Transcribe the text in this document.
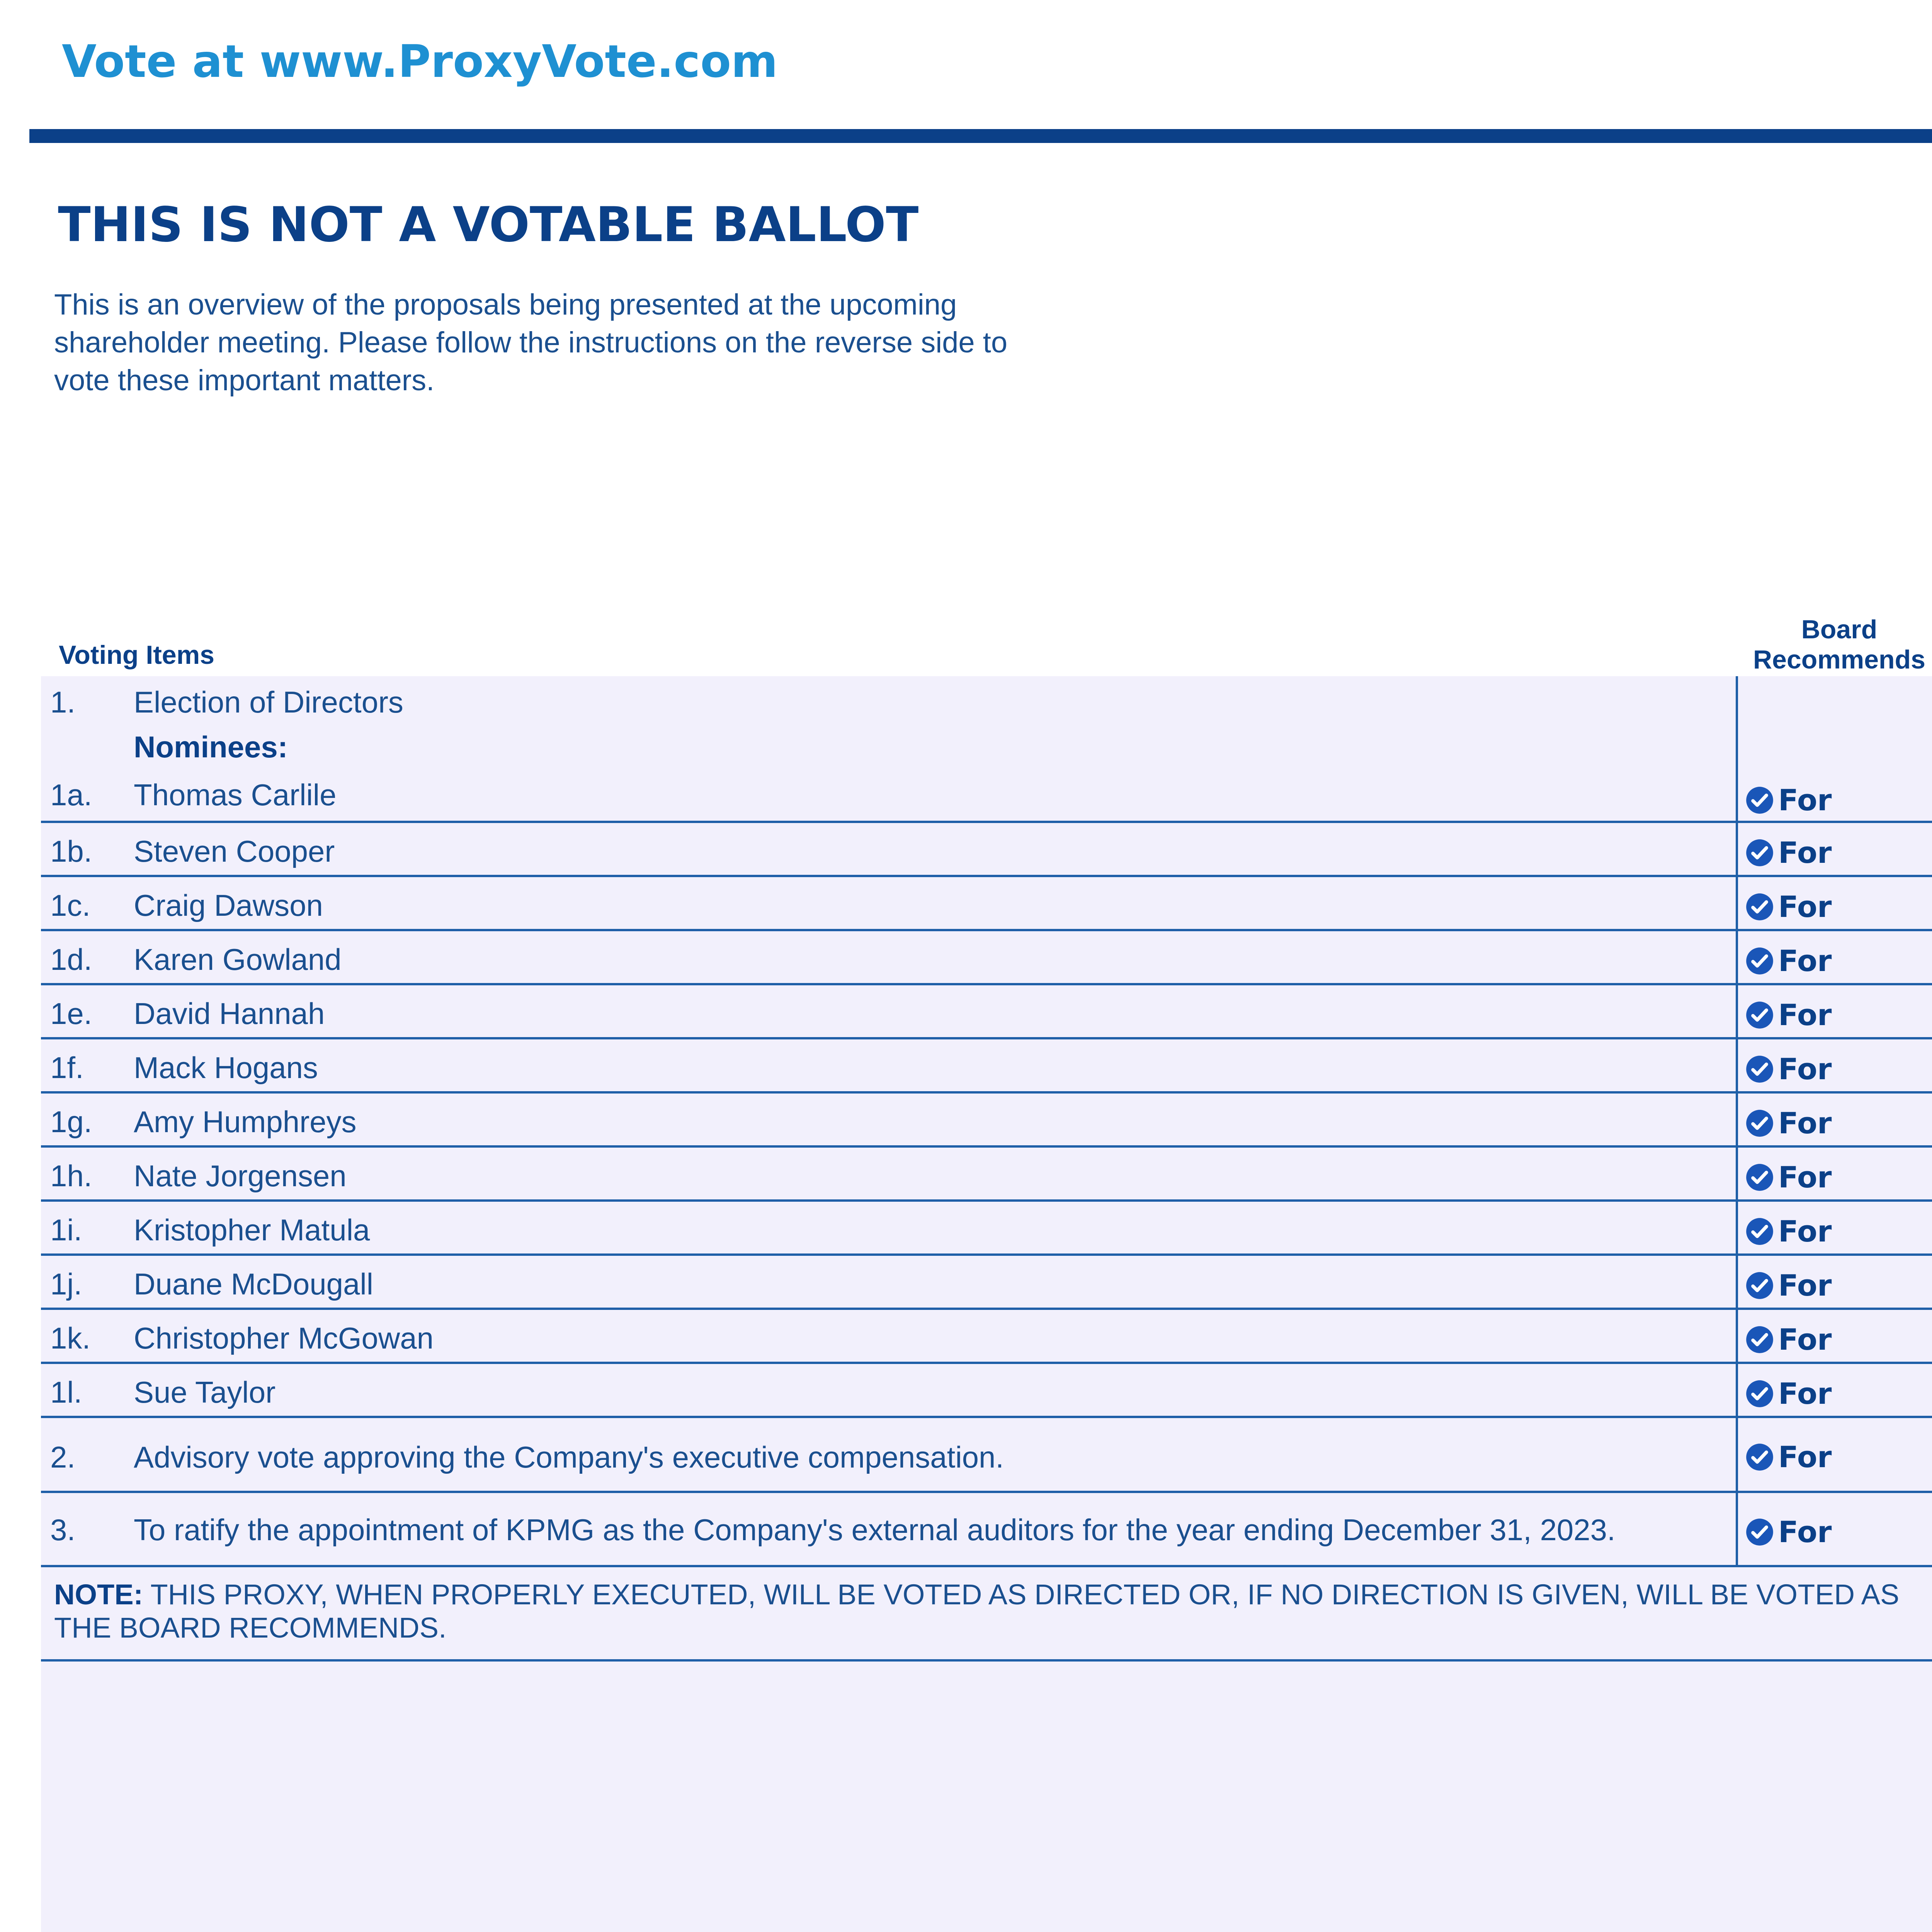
Vote at www.ProxyVote.com
THIS IS NOT A VOTABLE BALLOT
This is an overview of the proposals being presented at the upcoming shareholder meeting. Please follow the instructions on the reverse side to vote these important matters.
Voting Items
Board Recommends
1. Election of Directors
Nominees:
1a. Thomas Carlile	For
1b. Steven Cooper	For
1c. Craig Dawson	For
1d. Karen Gowland	For
1e. David Hannah	For
1f. Mack Hogans	For
1g. Amy Humphreys	For
1h. Nate Jorgensen	For
1i. Kristopher Matula	For
1j. Duane McDougall	For
1k. Christopher McGowan	For
1l. Sue Taylor	For
2. Advisory vote approving the Company's executive compensation.	For
3. To ratify the appointment of KPMG as the Company's external auditors for the year ending December 31, 2023.	For

NOTE: THIS PROXY, WHEN PROPERLY EXECUTED, WILL BE VOTED AS DIRECTED OR, IF NO DIRECTION IS GIVEN, WILL BE VOTED AS THE BOARD RECOMMENDS.
